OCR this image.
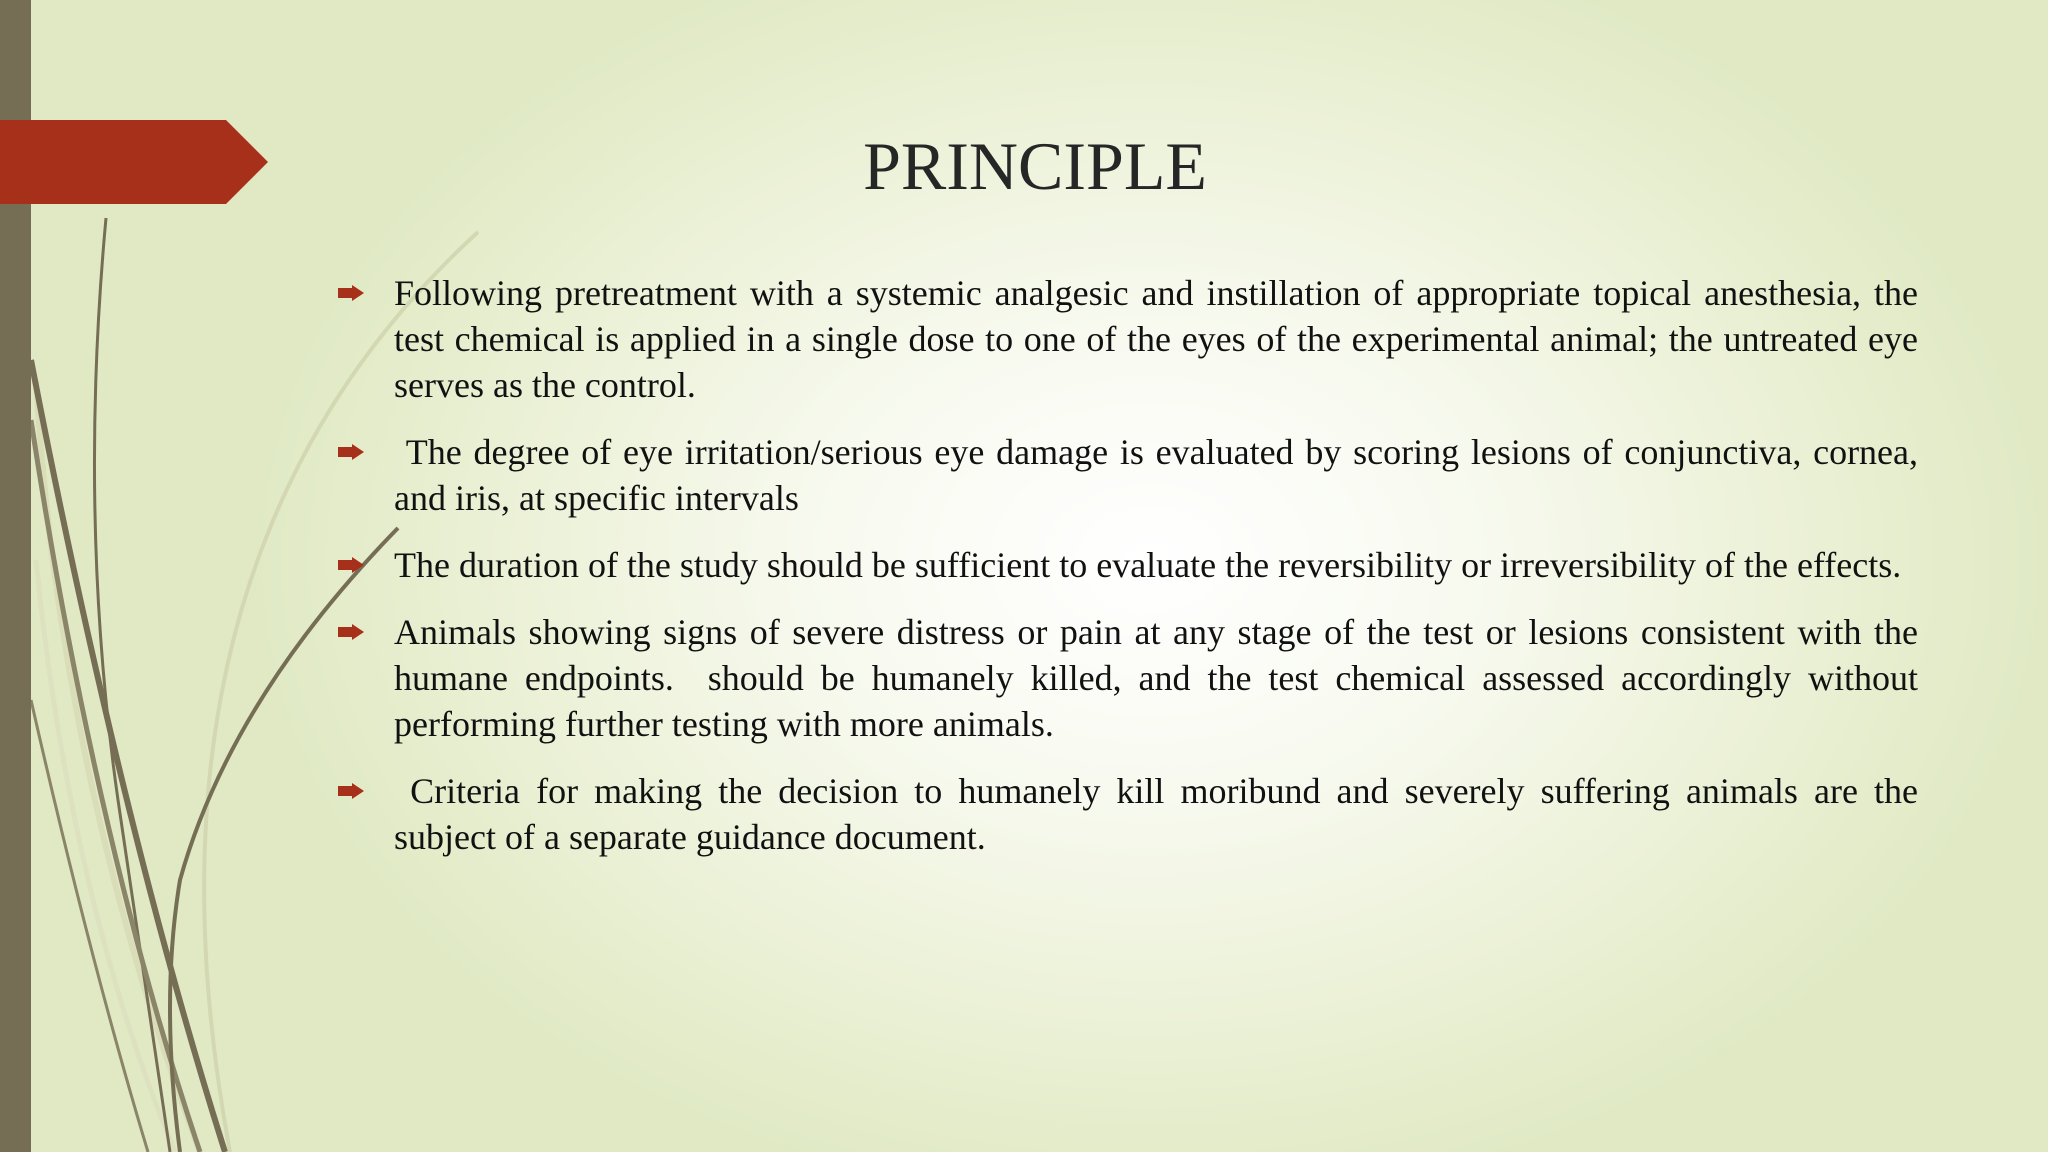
PRINCIPLE
Following pretreatment with a systemic analgesic and instillation of appropriate topical anesthesia, the test chemical is applied in a single dose to one of the eyes of the experimental animal; the untreated eye serves as the control.
The degree of eye irritation/serious eye damage is evaluated by scoring lesions of conjunctiva, cornea, and iris, at specific intervals
The duration of the study should be sufficient to evaluate the reversibility or irreversibility of the effects.
Animals showing signs of severe distress or pain at any stage of the test or lesions consistent with the humane endpoints.  should be humanely killed, and the test chemical assessed accordingly without performing further testing with more animals.
Criteria for making the decision to humanely kill moribund and severely suffering animals are the subject of a separate guidance document.
